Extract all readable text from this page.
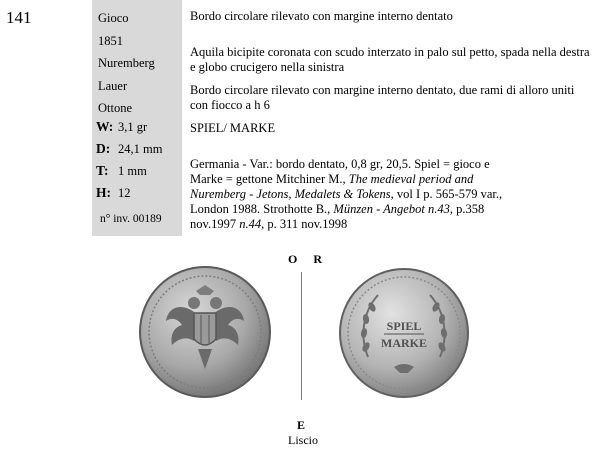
141	Gioco
1851
Nuremberg
Lauer
Ottone
W: 3,1 gr
D: 24,1 mm
T: 1 mm
H: 12
n° inv. 00189
Bordo circolare rilevato con margine interno dentato
Aquila bicipite coronata con scudo interzato in palo sul petto, spada nella destra e globo crucigero nella sinistra
Bordo circolare rilevato con margine interno dentato, due rami di alloro uniti con fiocco a h 6
SPIEL/ MARKE
Germania - Var.: bordo dentato, 0,8 gr, 20,5. Spiel = gioco e Marke = gettone Mitchiner M., The medieval period and Nuremberg - Jetons, Medalets & Tokens, vol I p. 565-579 var., London 1988. Strothotte B., Münzen - Angebot n.43, p.358 nov.1997 n.44, p. 311 nov.1998
O R
SPIEL
MARKE
E
Liscio
